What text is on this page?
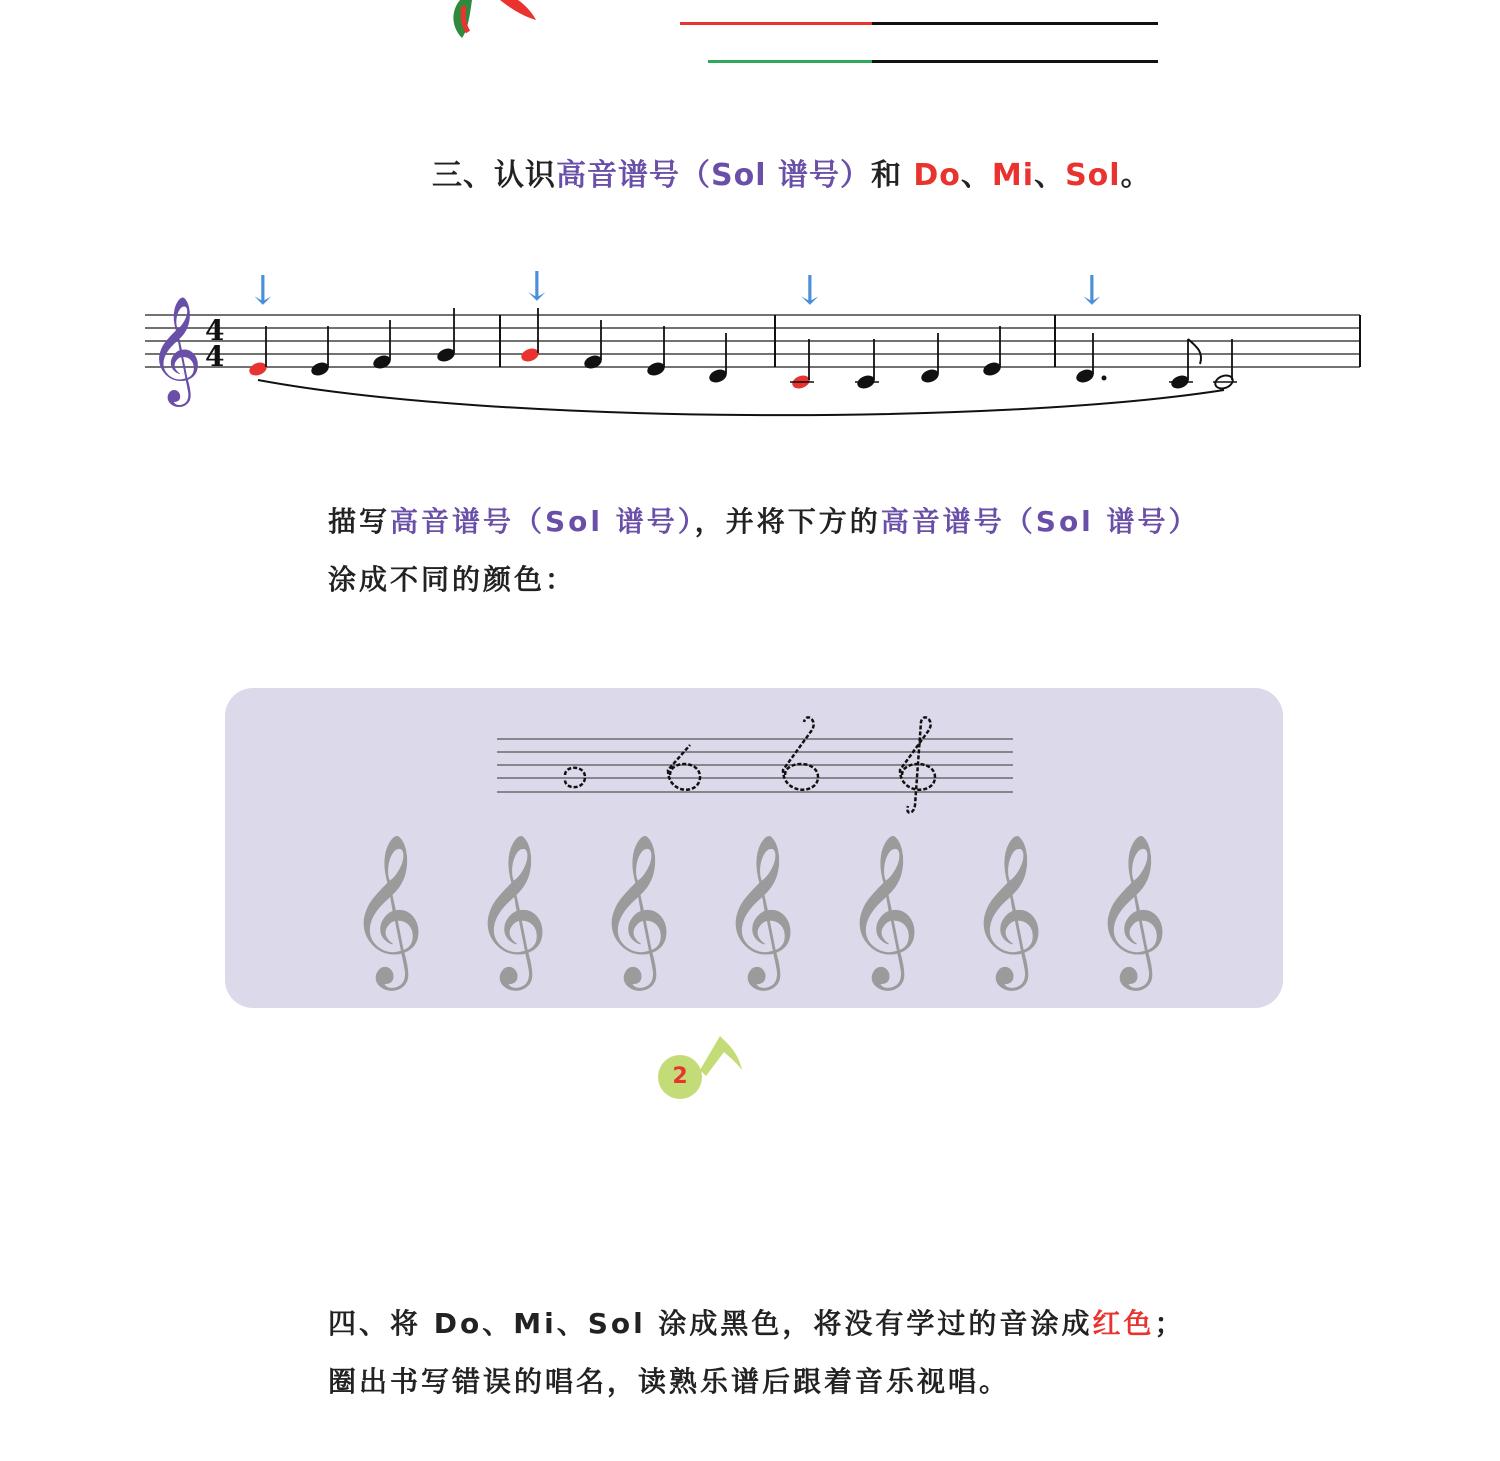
三、认识高音谱号（Sol 谱号）和 Do、Mi、Sol。
𝄞 4
4
↓	↓	↓	↓
描写高音谱号（Sol 谱号），并将下方的高音谱号（Sol 谱号）
涂成不同的颜色：
𝄞 𝄞 𝄞 𝄞 𝄞 𝄞 𝄞
2
四、将 Do、Mi、Sol 涂成黑色，将没有学过的音涂成红色；
圈出书写错误的唱名，读熟乐谱后跟着音乐视唱。
